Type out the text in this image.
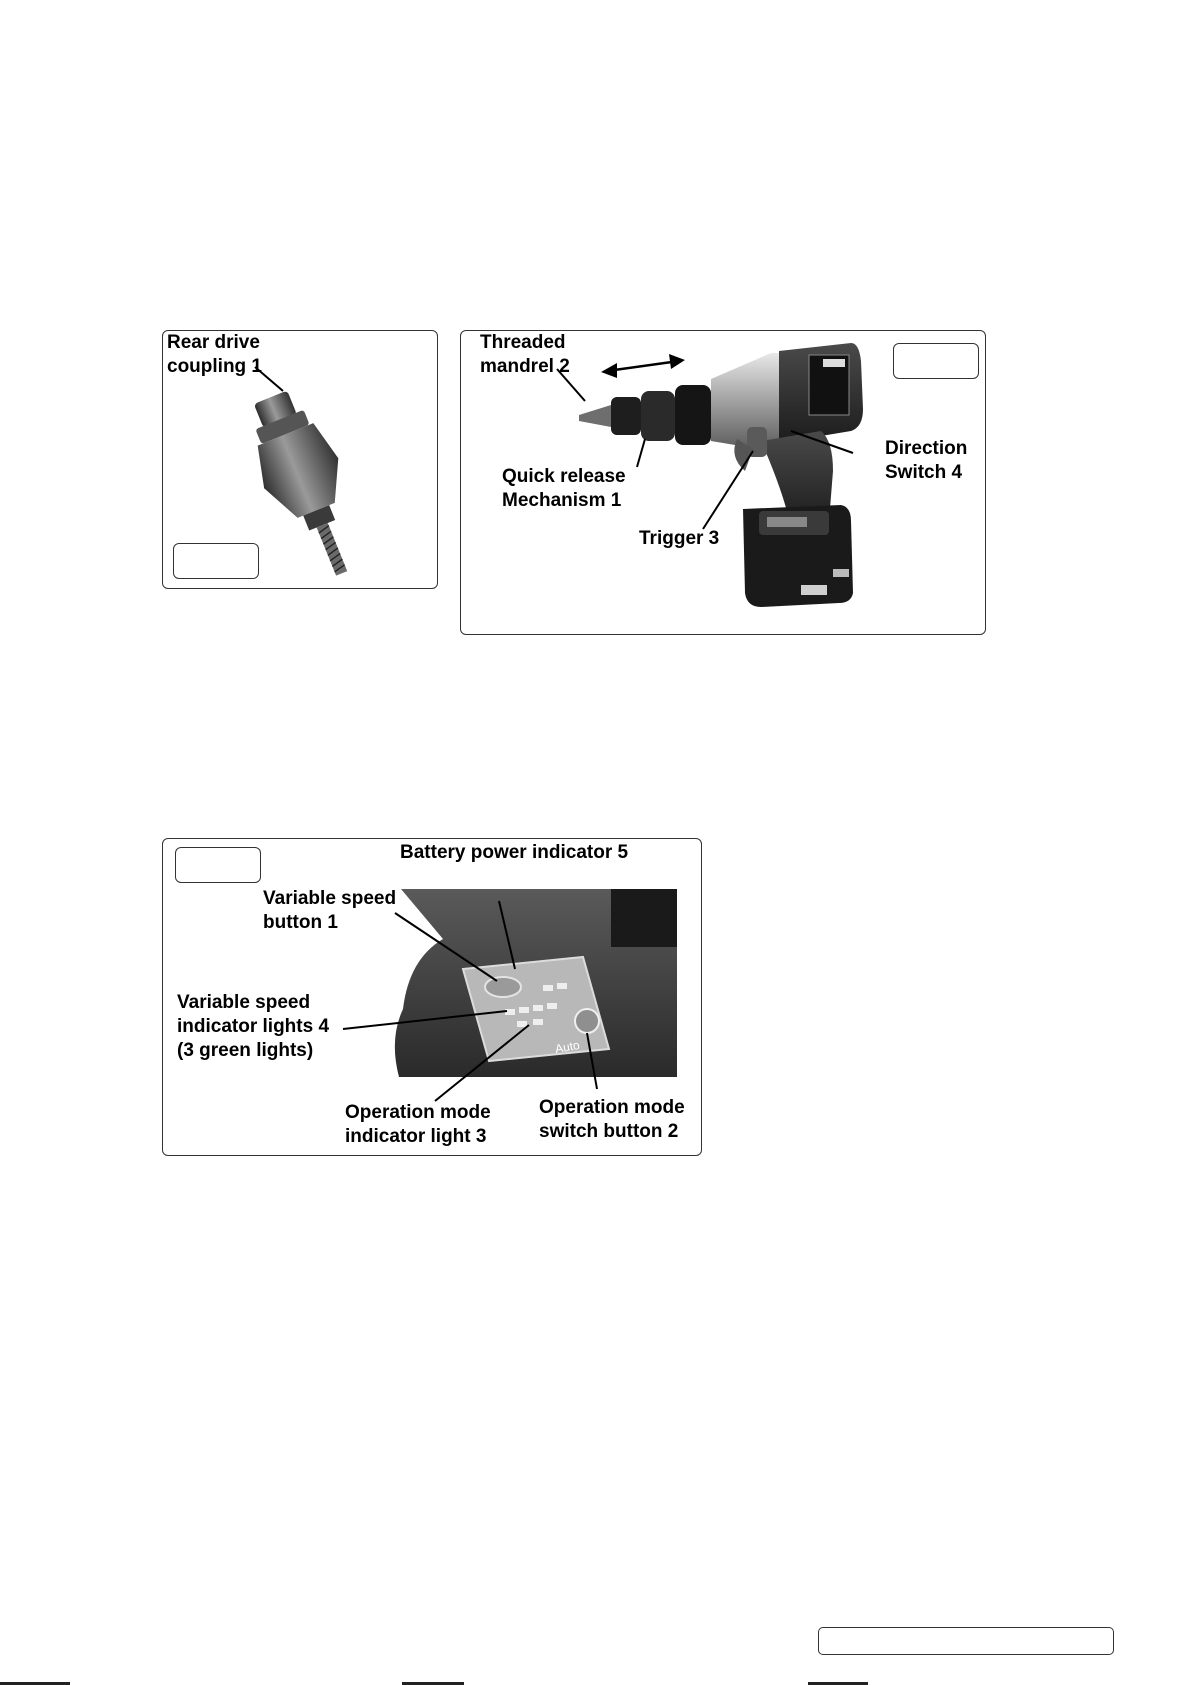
Rear drive
coupling 1
Threaded
mandrel 2
Quick release
Mechanism 1
Trigger 3
Direction
Switch 4
Auto
Battery power indicator 5
Variable speed
button 1
Variable speed
indicator lights 4
(3 green lights)
Operation mode
indicator light 3
Operation mode
switch button 2
